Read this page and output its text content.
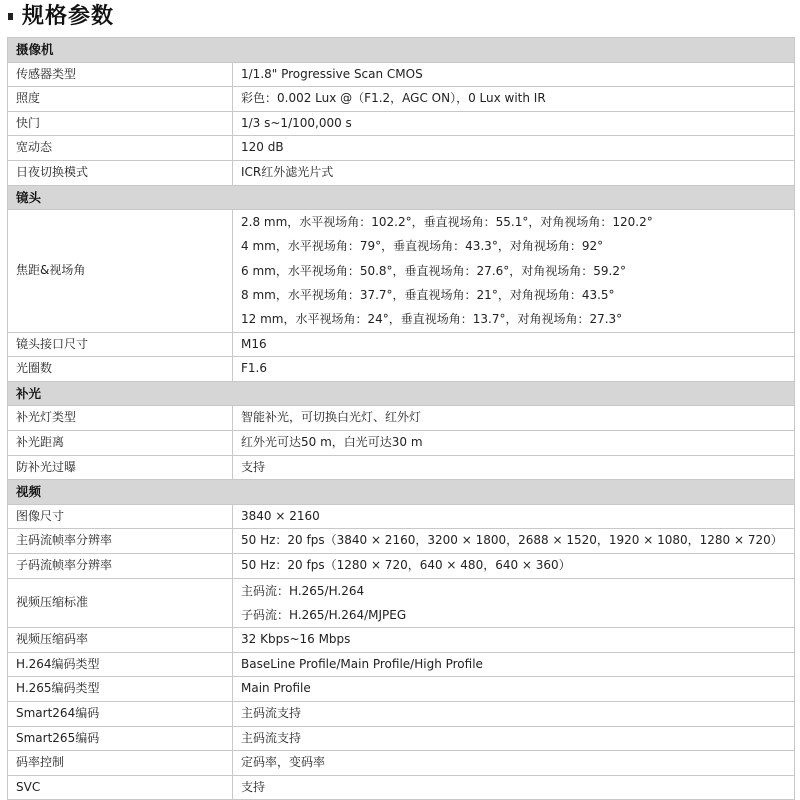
规格参数
摄像机	
传感器类型	1/1.8" Progressive Scan CMOS
照度	彩色：0.002 Lux @（F1.2，AGC ON），0 Lux with IR
快门	1/3 s~1/100,000 s
宽动态	120 dB
日夜切换模式	ICR红外滤光片式
镜头	
焦距&视场角	2.8 mm，水平视场角：102.2°，垂直视场角：55.1°，对角视场角：120.2°
4 mm，水平视场角：79°，垂直视场角：43.3°，对角视场角：92°
6 mm，水平视场角：50.8°，垂直视场角：27.6°，对角视场角：59.2°
8 mm，水平视场角：37.7°，垂直视场角：21°，对角视场角：43.5°
12 mm，水平视场角：24°，垂直视场角：13.7°，对角视场角：27.3°

镜头接口尺寸	M16
光圈数	F1.6
补光	
补光灯类型	智能补光，可切换白光灯、红外灯
补光距离	红外光可达50 m，白光可达30 m
防补光过曝	支持
视频	
图像尺寸	3840 × 2160
主码流帧率分辨率	50 Hz：20 fps（3840 × 2160，3200 × 1800，2688 × 1520，1920 × 1080，1280 × 720）
子码流帧率分辨率	50 Hz：20 fps（1280 × 720，640 × 480，640 × 360）
视频压缩标准	主码流：H.265/H.264
子码流：H.265/H.264/MJPEG

视频压缩码率	32 Kbps~16 Mbps
H.264编码类型	BaseLine Profile/Main Profile/High Profile
H.265编码类型	Main Profile
Smart264编码	主码流支持
Smart265编码	主码流支持
码率控制	定码率，变码率
SVC	支持
